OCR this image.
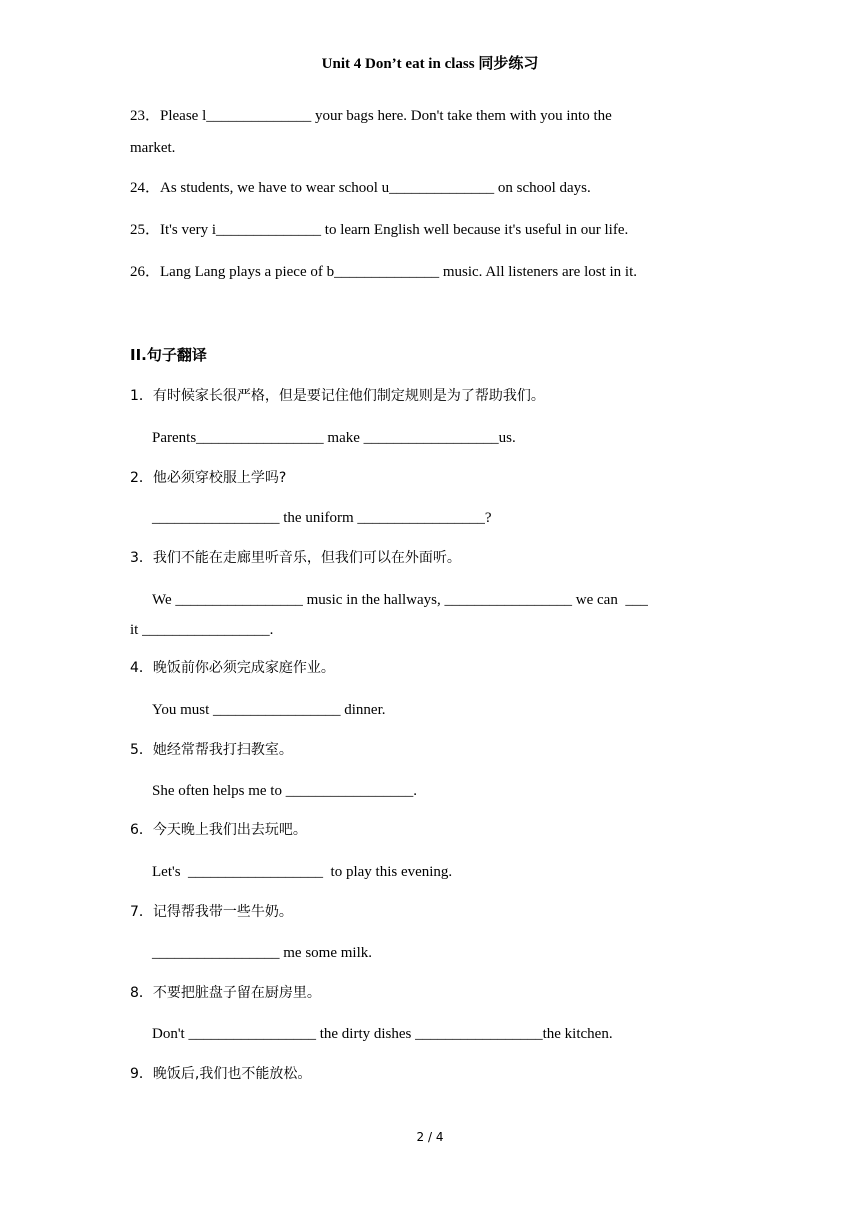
Unit 4 Don’t eat in class 同步练习
23．Please l______________ your bags here. Don't take them with you into the
market.
24．As students, we have to wear school u______________ on school days.
25．It's very i______________ to learn English well because it's useful in our life.
26．Lang Lang plays a piece of b______________ music. All listeners are lost in it.
II.句子翻译
1．有时候家长很严格，但是要记住他们制定规则是为了帮助我们。
Parents_________________ make __________________us.
2．他必须穿校服上学吗?
_________________ the uniform _________________?
3．我们不能在走廊里听音乐，但我们可以在外面听。
We _________________ music in the hallways, _________________ we can  ___
it _________________.
4．晚饭前你必须完成家庭作业。
You must _________________ dinner.
5．她经常帮我打扫教室。
She often helps me to _________________.
6．今天晚上我们出去玩吧。
Let's  __________________  to play this evening.
7．记得帮我带一些牛奶。
_________________ me some milk.
8．不要把脏盘子留在厨房里。
Don't _________________ the dirty dishes _________________the kitchen.
9．晚饭后,我们也不能放松。
2 / 4
